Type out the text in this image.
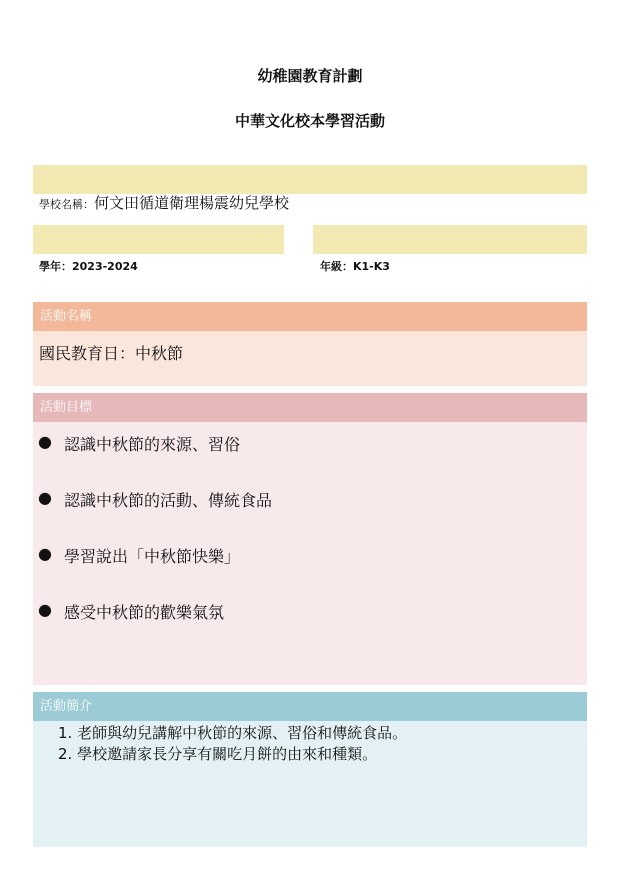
幼稚園教育計劃
中華文化校本學習活動
學校名稱：何文田循道衛理楊震幼兒學校
學年：2023-2024	年級：K1-K3
活動名稱
國民教育日：中秋節
活動目標
● 認識中秋節的來源、習俗
● 認識中秋節的活動、傳統食品
● 學習說出「中秋節快樂」
● 感受中秋節的歡樂氣氛
活動簡介
1. 老師與幼兒講解中秋節的來源、習俗和傳統食品。
2. 學校邀請家長分享有關吃月餅的由來和種類。
